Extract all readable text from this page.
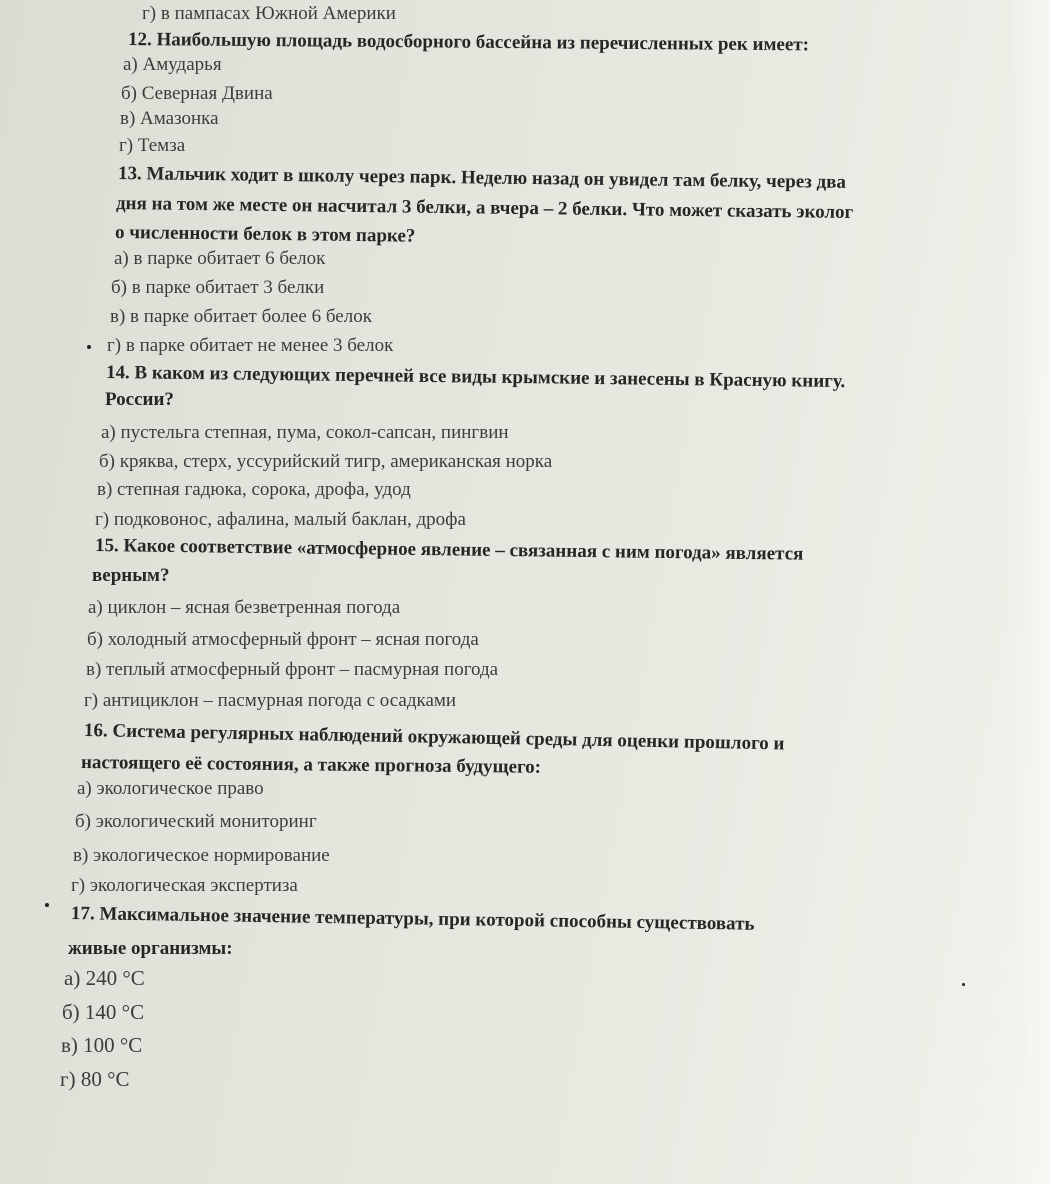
г) в пампасах Южной Америки
12. Наибольшую площадь водосборного бассейна из перечисленных рек имеет:
а) Амударья
б) Северная Двина
в) Амазонка
г) Темза
13. Мальчик ходит в школу через парк. Неделю назад он увидел там белку, через два
дня на том же месте он насчитал 3 белки, а вчера – 2 белки. Что может сказать эколог
о численности белок в этом парке?
а) в парке обитает 6 белок
б) в парке обитает 3 белки
в) в парке обитает более 6 белок
г) в парке обитает не менее 3 белок
14. В каком из следующих перечней все виды крымские и занесены в Красную книгу.
России?
а) пустельга степная, пума, сокол-сапсан, пингвин
б) кряква, стерх, уссурийский тигр, американская норка
в) степная гадюка, сорока, дрофа, удод
г) подковонос, афалина, малый баклан, дрофа
15. Какое соответствие «атмосферное явление – связанная с ним погода» является
верным?
а) циклон – ясная безветренная погода
б) холодный атмосферный фронт – ясная погода
в) теплый атмосферный фронт – пасмурная погода
г) антициклон – пасмурная погода с осадками
16. Система регулярных наблюдений окружающей среды для оценки прошлого и
настоящего её состояния, а также прогноза будущего:
а) экологическое право
б) экологический мониторинг
в) экологическое нормирование
г) экологическая экспертиза
17. Максимальное значение температуры, при которой способны существовать
живые организмы:
а) 240 °С
б) 140 °С
в) 100 °С
г) 80 °С
